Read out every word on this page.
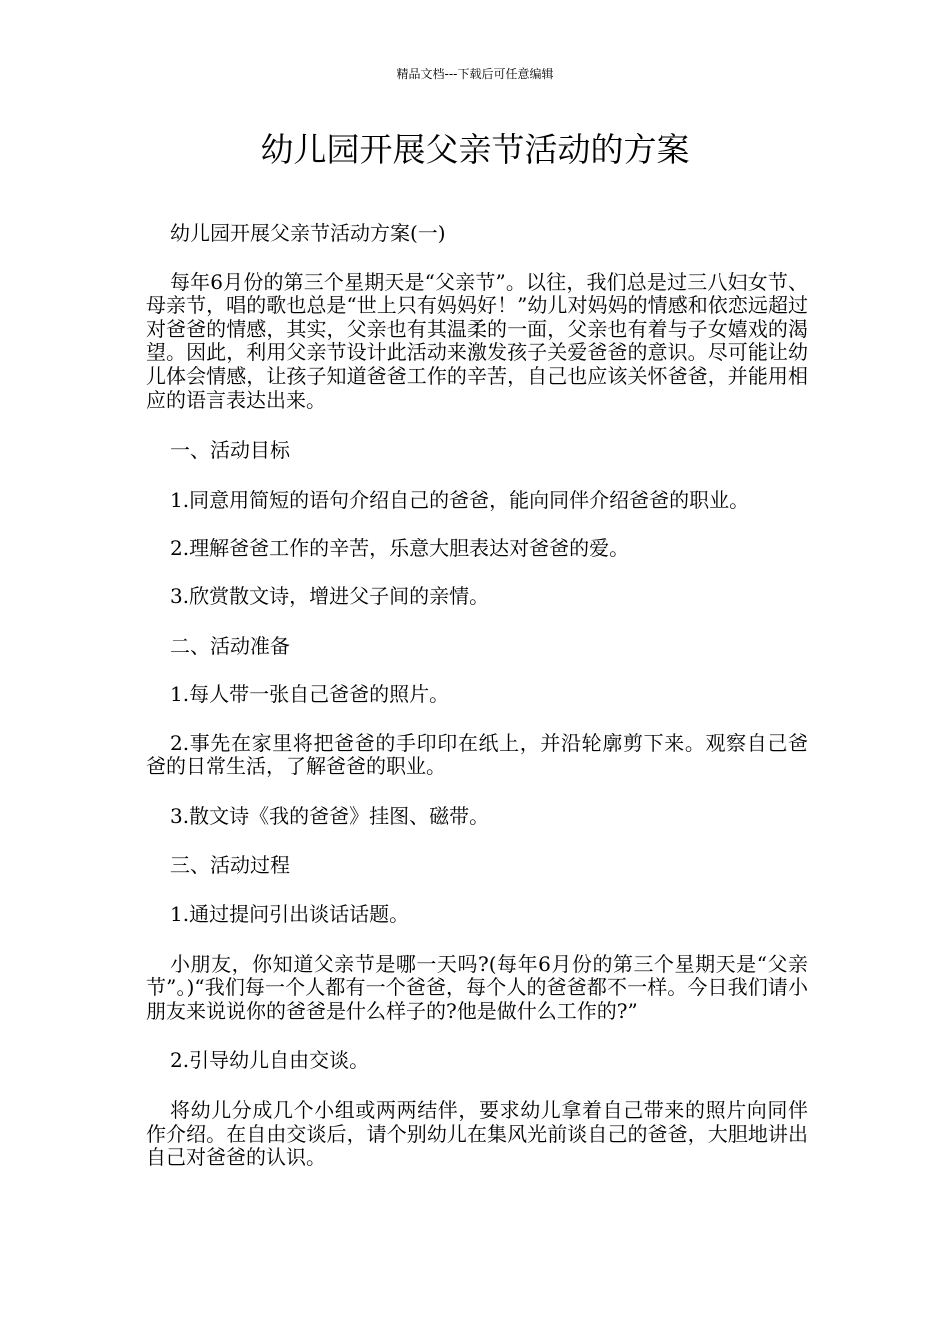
精品文档---下载后可任意编辑
幼儿园开展父亲节活动的方案

幼儿园开展父亲节活动方案(一)

每年6月份的第三个星期天是“父亲节”。以往，我们总是过三八妇女节、母亲节，唱的歌也总是“世上只有妈妈好！”幼儿对妈妈的情感和依恋远超过对爸爸的情感，其实，父亲也有其温柔的一面，父亲也有着与子女嬉戏的渴望。因此，利用父亲节设计此活动来激发孩子关爱爸爸的意识。尽可能让幼儿体会情感，让孩子知道爸爸工作的辛苦，自己也应该关怀爸爸，并能用相应的语言表达出来。

一、活动目标

1.同意用简短的语句介绍自己的爸爸，能向同伴介绍爸爸的职业。

2.理解爸爸工作的辛苦，乐意大胆表达对爸爸的爱。

3.欣赏散文诗，增进父子间的亲情。

二、活动准备

1.每人带一张自己爸爸的照片。

2.事先在家里将把爸爸的手印印在纸上，并沿轮廓剪下来。观察自己爸爸的日常生活，了解爸爸的职业。

3.散文诗《我的爸爸》挂图、磁带。

三、活动过程

1.通过提问引出谈话话题。

小朋友，你知道父亲节是哪一天吗?(每年6月份的第三个星期天是“父亲节”。)“我们每一个人都有一个爸爸，每个人的爸爸都不一样。今日我们请小朋友来说说你的爸爸是什么样子的?他是做什么工作的?”

2.引导幼儿自由交谈。

将幼儿分成几个小组或两两结伴，要求幼儿拿着自己带来的照片向同伴作介绍。在自由交谈后，请个别幼儿在集风光前谈自己的爸爸，大胆地讲出自己对爸爸的认识。
